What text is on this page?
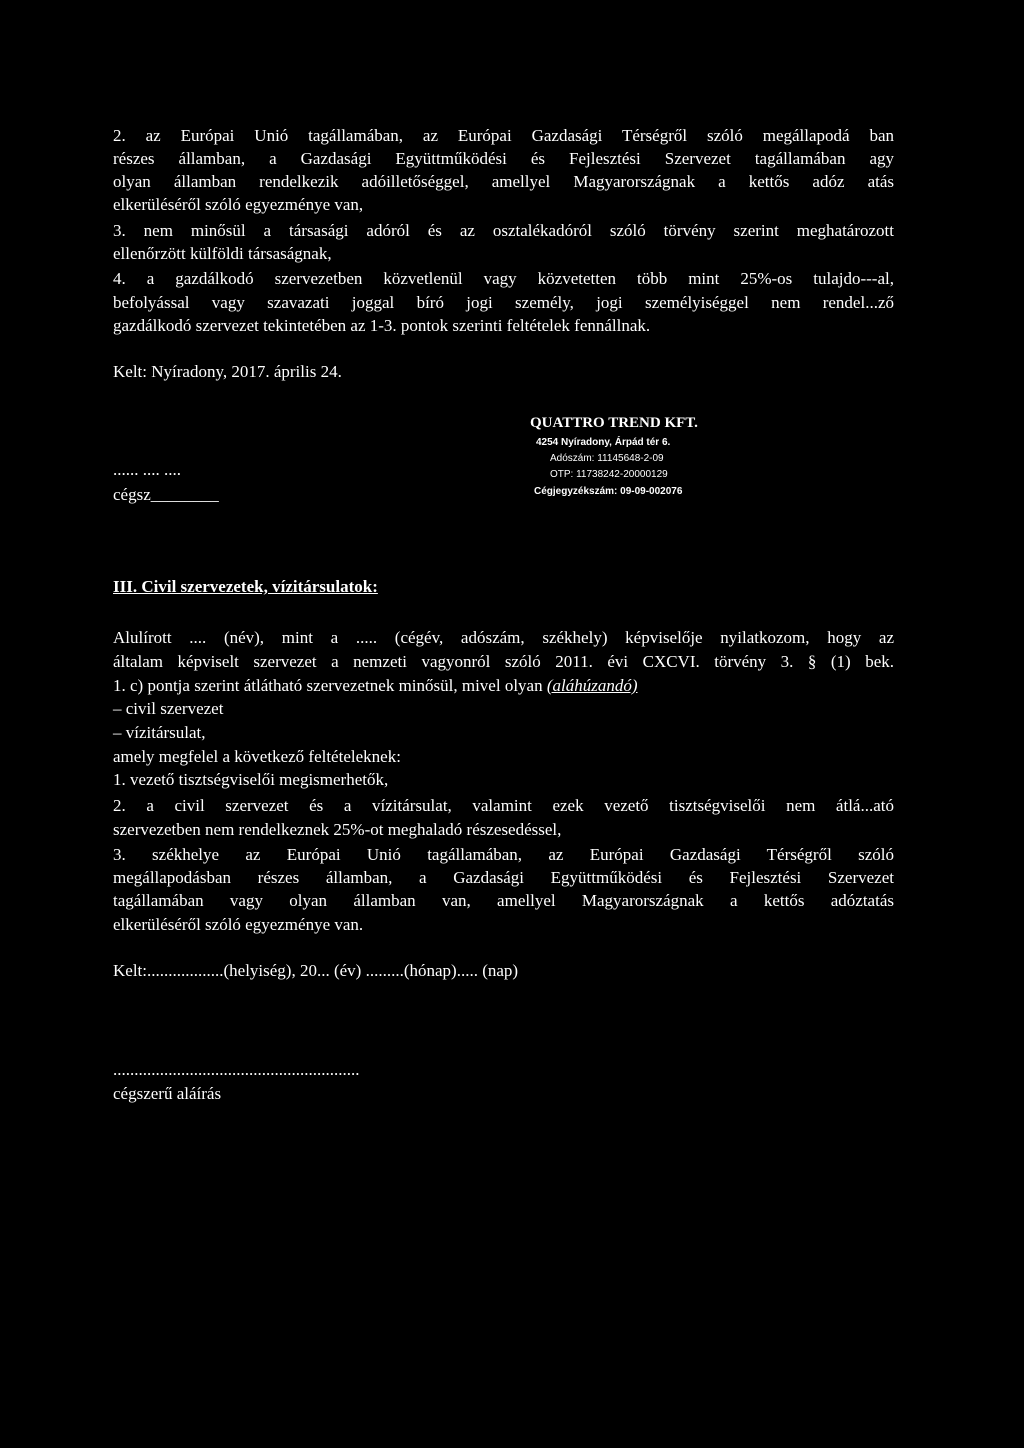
2. az Európai Unió tagállamában, az Európai Gazdasági Térségről szóló megállapodá ban
részes államban, a Gazdasági Együttműködési és Fejlesztési Szervezet tagállamában agy
olyan államban rendelkezik adóilletőséggel, amellyel Magyarországnak a kettős adóz atás
elkerüléséről szóló egyezménye van,
3. nem minősül a társasági adóról és az osztalékadóról szóló törvény szerint meghatározott
ellenőrzött külföldi társaságnak,
4. a gazdálkodó szervezetben közvetlenül vagy közvetetten több mint 25%-os tulajdo---al,
befolyással vagy szavazati joggal bíró jogi személy, jogi személyiséggel nem rendel...ző
gazdálkodó szervezet tekintetében az 1-3. pontok szerinti feltételek fennállnak.
Kelt: Nyíradony, 2017. április 24.
...... .... ....
cégsz________
QUATTRO TREND KFT.
4254 Nyíradony, Árpád tér 6.
Adószám: 11145648-2-09
OTP: 11738242-20000129
Cégjegyzékszám: 09-09-002076
III. Civil szervezetek, vízitársulatok:
Alulírott .... (név), mint a ..... (cégév, adószám, székhely) képviselője nyilatkozom, hogy az
általam képviselt szervezet a nemzeti vagyonról szóló 2011. évi CXCVI. törvény 3. § (1) bek.
1. c) pontja szerint átlátható szervezetnek minősül, mivel olyan (aláhúzandó)
– civil szervezet
– vízitársulat,
amely megfelel a következő feltételeknek:
1. vezető tisztségviselői megismerhetők,
2. a civil szervezet és a vízitársulat, valamint ezek vezető tisztségviselői nem átlá...ató
szervezetben nem rendelkeznek 25%-ot meghaladó részesedéssel,
3. székhelye az Európai Unió tagállamában, az Európai Gazdasági Térségről szóló
megállapodásban részes államban, a Gazdasági Együttműködési és Fejlesztési Szervezet
tagállamában vagy olyan államban van, amellyel Magyarországnak a kettős adóztatás
elkerüléséről szóló egyezménye van.
Kelt:..................(helyiség), 20... (év) .........(hónap)..... (nap)
..........................................................
cégszerű aláírás
